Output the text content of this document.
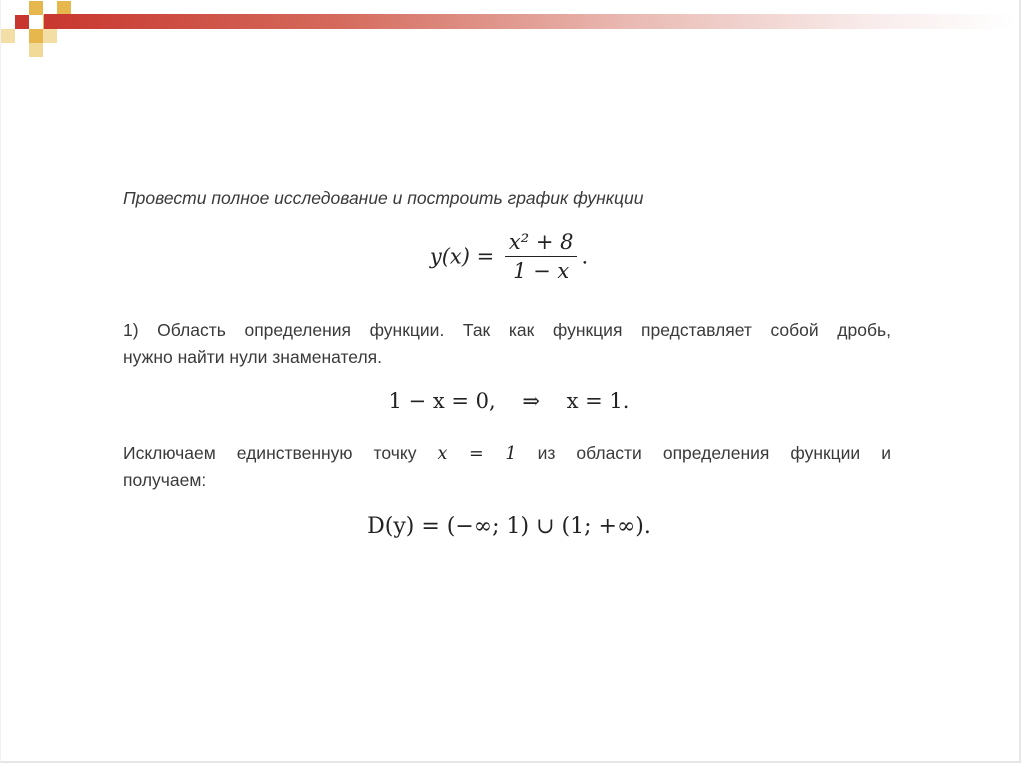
Провести полное исследование и построить график функции
$y(x) = \frac{\text{x² + 8}}{1 - x}$ .
1) Область определения функции. Так как функция представляет собой дробь,
нужно найти нули знаменателя.
1 − x = 0,    ⇒    x = 1.
Исключаем единственную точку x = 1 из области определения функции и
получаем:
D(y) = (−∞; 1) ∪ (1; +∞).
